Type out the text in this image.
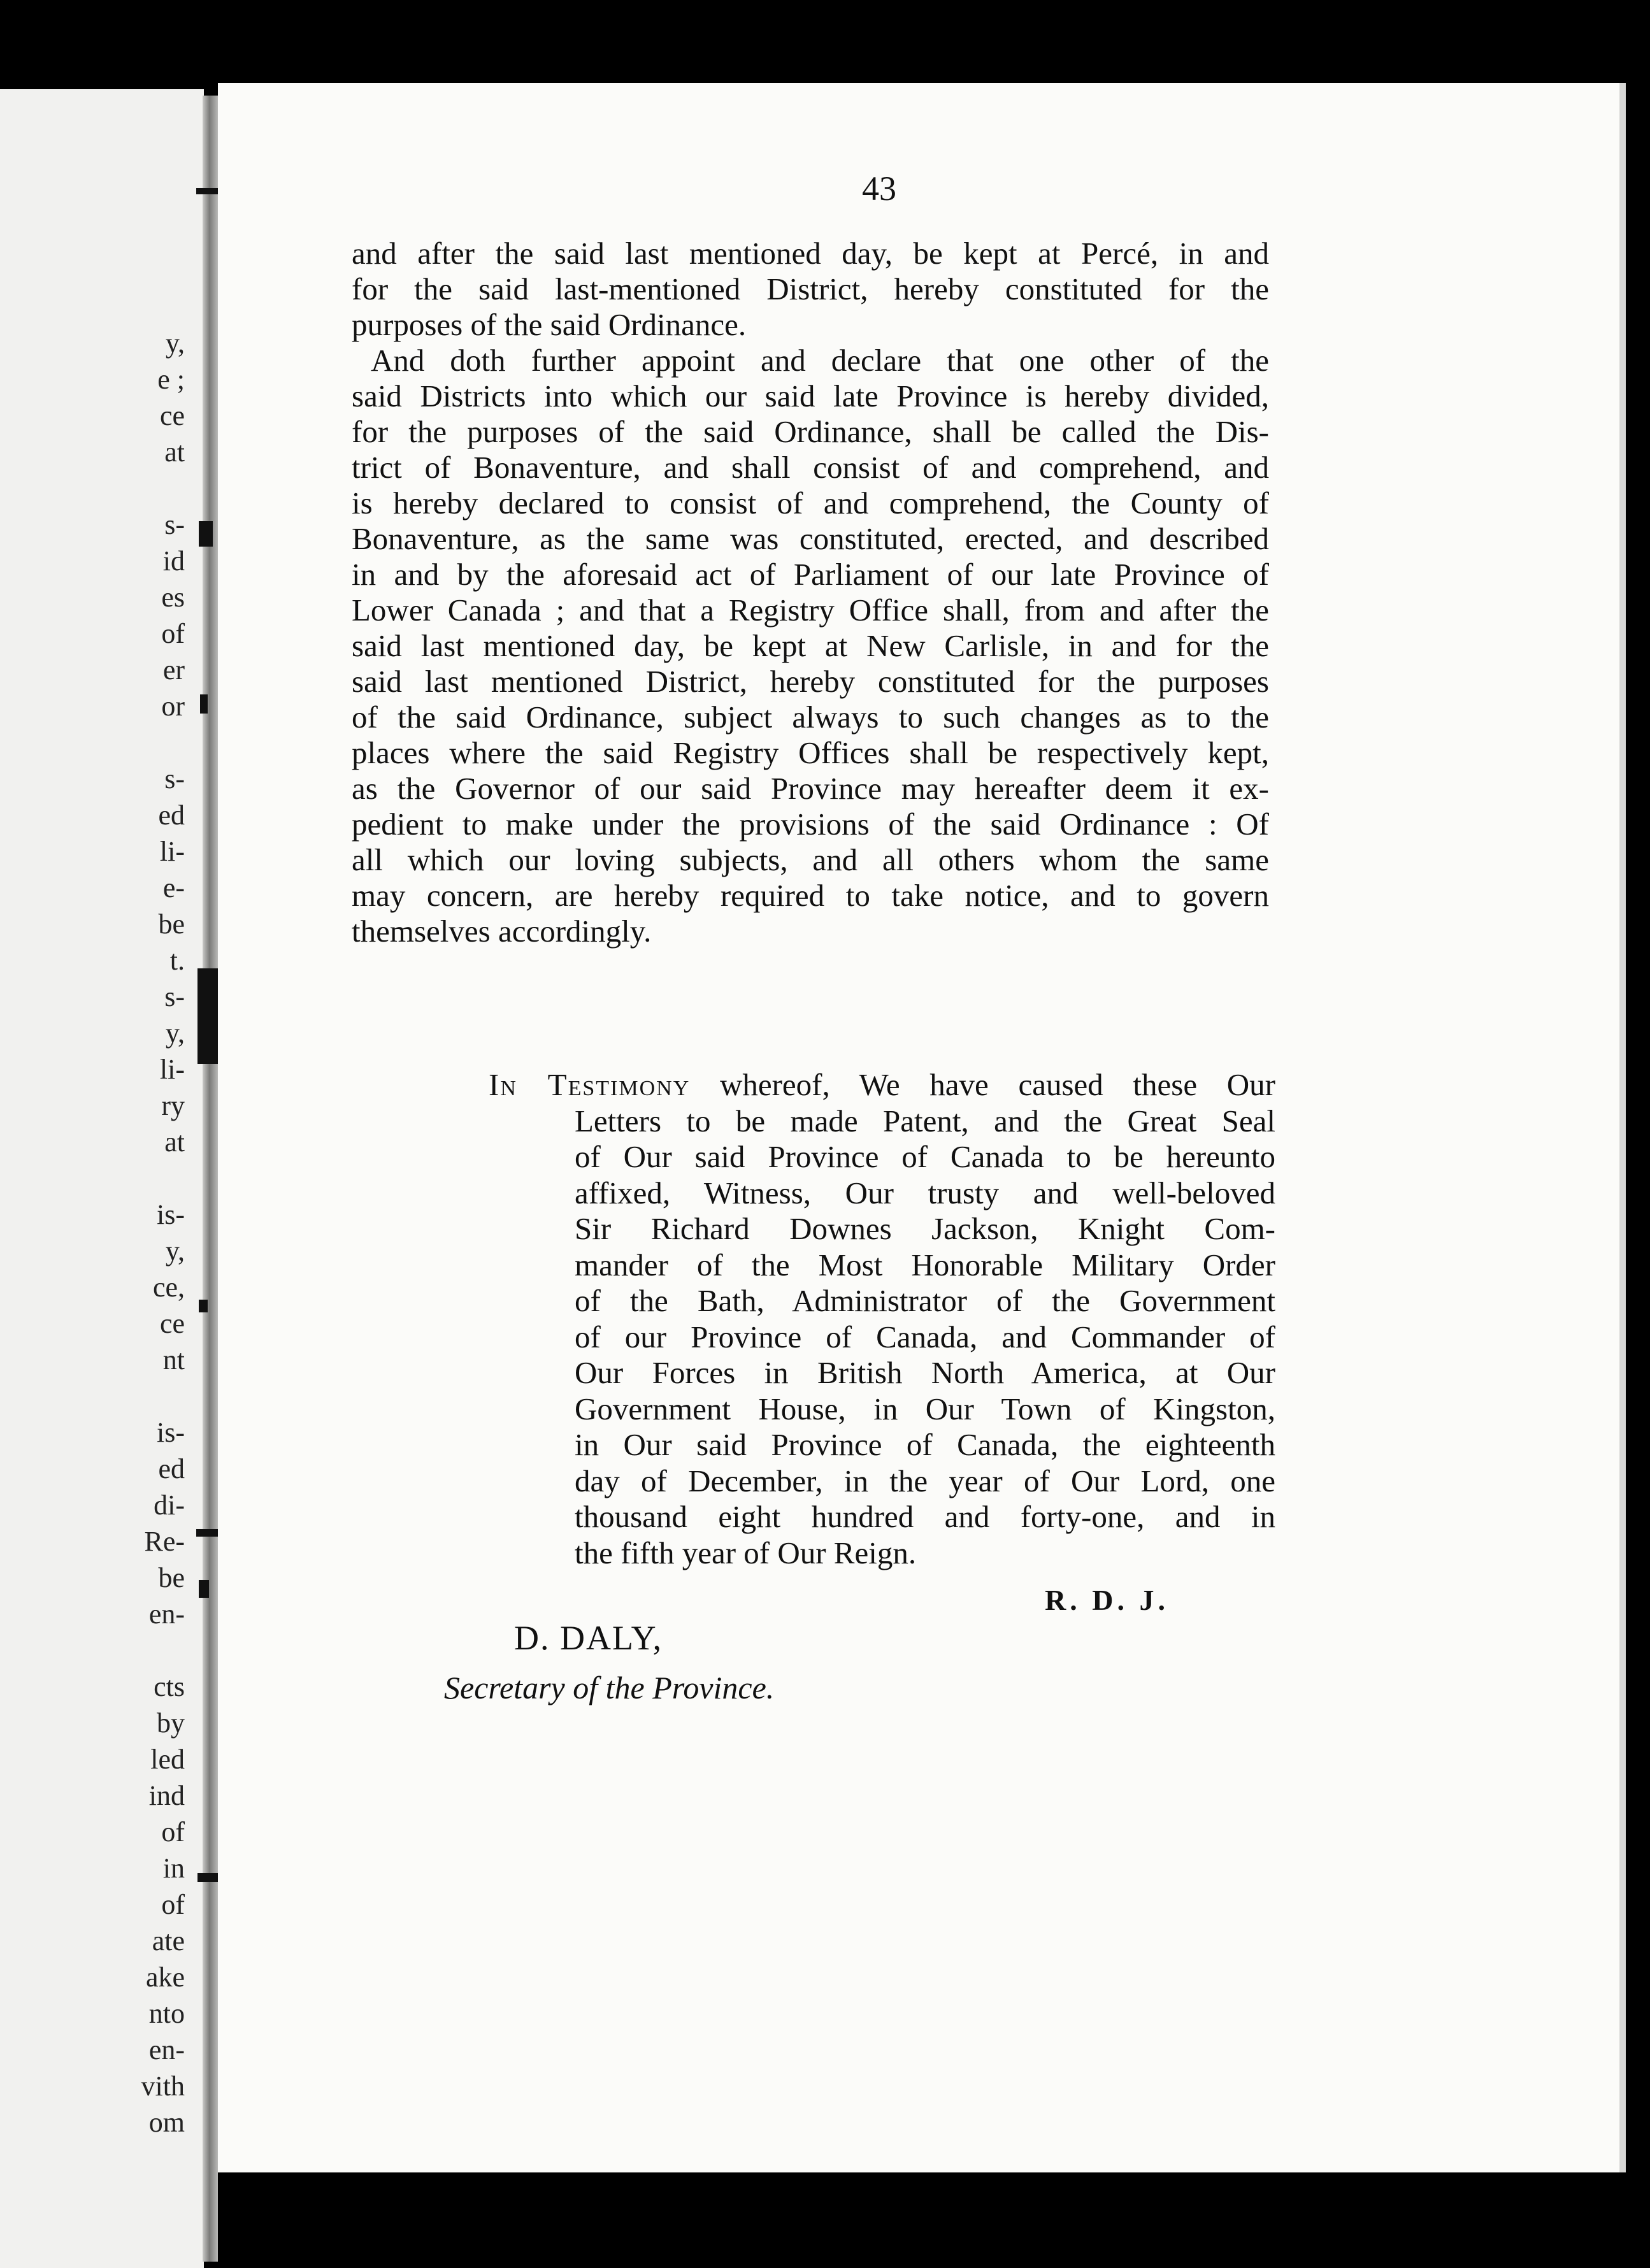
y,
e ;
ce
at
s-
id
es
of
er
or
s-
ed
li-
e-
be
t.
s-
y,
li-
ry
at
is-
y,
ce,
ce
nt
is-
ed
di-
Re-
be
en-
cts
by
led
ind
of
in
of
ate
ake
nto
en-
vith
om
43
and after the said last mentioned day, be kept at Percé, in and
for the said last-mentioned District, hereby constituted for the
purposes of the said Ordinance.
And doth further appoint and declare that one other of the
said Districts into which our said late Province is hereby divided,
for the purposes of the said Ordinance, shall be called the Dis-
trict of Bonaventure, and shall consist of and comprehend, and
is hereby declared to consist of and comprehend, the County of
Bonaventure, as the same was constituted, erected, and described
in and by the aforesaid act of Parliament of our late Province of
Lower Canada ; and that a Registry Office shall, from and after the
said last mentioned day, be kept at New Carlisle, in and for the
said last mentioned District, hereby constituted for the purposes
of the said Ordinance, subject always to such changes as to the
places where the said Registry Offices shall be respectively kept,
as the Governor of our said Province may hereafter deem it ex-
pedient to make under the provisions of the said Ordinance : Of
all which our loving subjects, and all others whom the same
may concern, are hereby required to take notice, and to govern
themselves accordingly.
In Testimony whereof, We have caused these Our
Letters to be made Patent, and the Great Seal
of Our said Province of Canada to be hereunto
affixed, Witness, Our trusty and well-beloved
Sir Richard Downes Jackson, Knight Com-
mander of the Most Honorable Military Order
of the Bath, Administrator of the Government
of our Province of Canada, and Commander of
Our Forces in British North America, at Our
Government House, in Our Town of Kingston,
in Our said Province of Canada, the eighteenth
day of December, in the year of Our Lord, one
thousand eight hundred and forty-one, and in
the fifth year of Our Reign.
R. D. J.
D. DALY,
Secretary of the Province.
